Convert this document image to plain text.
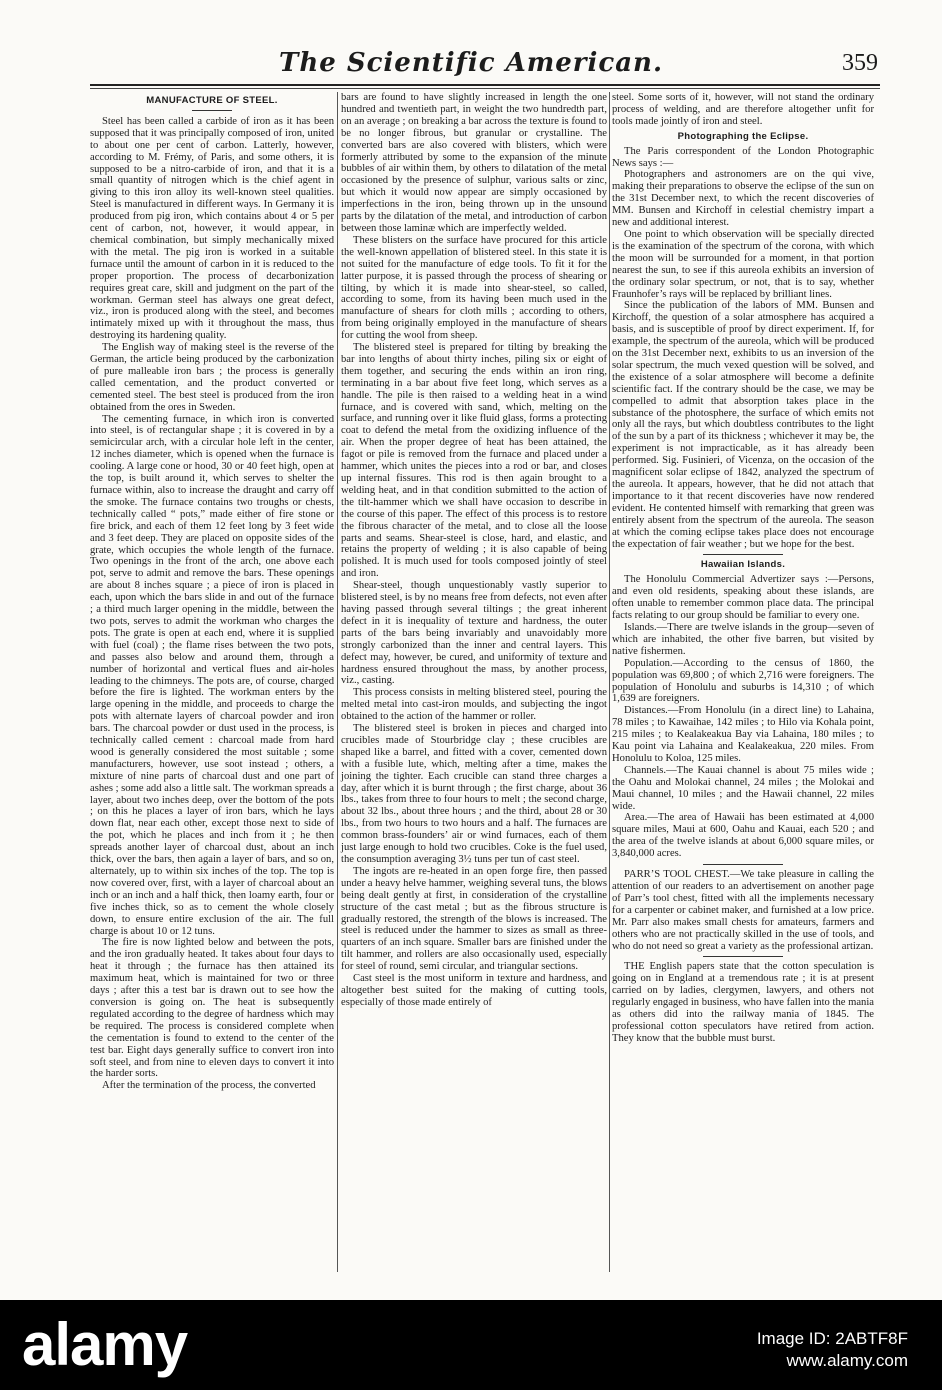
The Scientific American.	359
MANUFACTURE OF STEEL.

Steel has been called a carbide of iron as it has been supposed that it was principally composed of iron, united to about one per cent of carbon. Latterly, however, according to M. Frémy, of Paris, and some others, it is supposed to be a nitro-carbide of iron, and that it is a small quantity of nitrogen which is the chief agent in giving to this iron alloy its well-known steel qualities. Steel is manufactured in different ways. In Germany it is produced from pig iron, which contains about 4 or 5 per cent of carbon, not, however, it would appear, in chemical combination, but simply mechanically mixed with the metal. The pig iron is worked in a suitable furnace until the amount of carbon in it is reduced to the proper proportion. The process of decarbonization requires great care, skill and judgment on the part of the workman. German steel has always one great defect, viz., iron is produced along with the steel, and becomes intimately mixed up with it throughout the mass, thus destroying its hardening quality.

The English way of making steel is the reverse of the German, the article being produced by the carbonization of pure malleable iron bars ; the process is generally called cementation, and the product converted or cemented steel. The best steel is produced from the iron obtained from the ores in Sweden.

The cementing furnace, in which iron is converted into steel, is of rectangular shape ; it is covered in by a semicircular arch, with a circular hole left in the center, 12 inches diameter, which is opened when the furnace is cooling. A large cone or hood, 30 or 40 feet high, open at the top, is built around it, which serves to shelter the furnace within, also to increase the draught and carry off the smoke. The furnace contains two troughs or chests, technically called “ pots,” made either of fire stone or fire brick, and each of them 12 feet long by 3 feet wide and 3 feet deep. They are placed on opposite sides of the grate, which occupies the whole length of the furnace. Two openings in the front of the arch, one above each pot, serve to admit and remove the bars. These openings are about 8 inches square ; a piece of iron is placed in each, upon which the bars slide in and out of the furnace ; a third much larger opening in the middle, between the two pots, serves to admit the workman who charges the pots. The grate is open at each end, where it is supplied with fuel (coal) ; the flame rises between the two pots, and passes also below and around them, through a number of horizontal and vertical flues and air-holes leading to the chimneys. The pots are, of course, charged before the fire is lighted. The workman enters by the large opening in the middle, and proceeds to charge the pots with alternate layers of charcoal powder and iron bars. The charcoal powder or dust used in the process, is technically called cement : charcoal made from hard wood is generally considered the most suitable ; some manufacturers, however, use soot instead ; others, a mixture of nine parts of charcoal dust and one part of ashes ; some add also a little salt. The workman spreads a layer, about two inches deep, over the bottom of the pots ; on this he places a layer of iron bars, which he lays down flat, near each other, except those next to side of the pot, which he places and inch from it ; he then spreads another layer of charcoal dust, about an inch thick, over the bars, then again a layer of bars, and so on, alternately, up to within six inches of the top. The top is now covered over, first, with a layer of charcoal about an inch or an inch and a half thick, then loamy earth, four or five inches thick, so as to cement the whole closely down, to ensure entire exclusion of the air. The full charge is about 10 or 12 tuns.

The fire is now lighted below and between the pots, and the iron gradually heated. It takes about four days to heat it through ; the furnace has then attained its maximum heat, which is maintained for two or three days ; after this a test bar is drawn out to see how the conversion is going on. The heat is subsequently regulated according to the degree of hardness which may be required. The process is considered complete when the cementation is found to extend to the center of the test bar. Eight days generally suffice to convert iron into soft steel, and from nine to eleven days to convert it into the harder sorts.

After the termination of the process, the converted

bars are found to have slightly increased in length the one hundred and twentieth part, in weight the two hundredth part, on an average ; on breaking a bar across the texture is found to be no longer fibrous, but granular or crystalline. The converted bars are also covered with blisters, which were formerly attributed by some to the expansion of the minute bubbles of air within them, by others to dilatation of the metal occasioned by the presence of sulphur, various salts or zinc, but which it would now appear are simply occasioned by imperfections in the iron, being thrown up in the unsound parts by the dilatation of the metal, and introduction of carbon between those laminæ which are imperfectly welded.

These blisters on the surface have procured for this article the well-known appellation of blistered steel. In this state it is not suited for the manufacture of edge tools. To fit it for the latter purpose, it is passed through the process of shearing or tilting, by which it is made into shear-steel, so called, according to some, from its having been much used in the manufacture of shears for cloth mills ; according to others, from being originally employed in the manufacture of shears for cutting the wool from sheep.

The blistered steel is prepared for tilting by breaking the bar into lengths of about thirty inches, piling six or eight of them together, and securing the ends within an iron ring, terminating in a bar about five feet long, which serves as a handle. The pile is then raised to a welding heat in a wind furnace, and is covered with sand, which, melting on the surface, and running over it like fluid glass, forms a protecting coat to defend the metal from the oxidizing influence of the air. When the proper degree of heat has been attained, the fagot or pile is removed from the furnace and placed under a hammer, which unites the pieces into a rod or bar, and closes up internal fissures. This rod is then again brought to a welding heat, and in that condition submitted to the action of the tilt-hammer which we shall have occasion to describe in the course of this paper. The effect of this process is to restore the fibrous character of the metal, and to close all the loose parts and seams. Shear-steel is close, hard, and elastic, and retains the property of welding ; it is also capable of being polished. It is much used for tools composed jointly of steel and iron.

Shear-steel, though unquestionably vastly superior to blistered steel, is by no means free from defects, not even after having passed through several tiltings ; the great inherent defect in it is inequality of texture and hardness, the outer parts of the bars being invariably and unavoidably more strongly carbonized than the inner and central layers. This defect may, however, be cured, and uniformity of texture and hardness ensured throughout the mass, by another process, viz., casting.

This process consists in melting blistered steel, pouring the melted metal into cast-iron moulds, and subjecting the ingot obtained to the action of the hammer or roller.

The blistered steel is broken in pieces and charged into crucibles made of Stourbridge clay ; these crucibles are shaped like a barrel, and fitted with a cover, cemented down with a fusible lute, which, melting after a time, makes the joining the tighter. Each crucible can stand three charges a day, after which it is burnt through ; the first charge, about 36 lbs., takes from three to four hours to melt ; the second charge, about 32 lbs., about three hours ; and the third, about 28 or 30 lbs., from two hours to two hours and a half. The furnaces are common brass-founders’ air or wind furnaces, each of them just large enough to hold two crucibles. Coke is the fuel used, the consumption averaging 3½ tuns per tun of cast steel.

The ingots are re-heated in an open forge fire, then passed under a heavy helve hammer, weighing several tuns, the blows being dealt gently at first, in consideration of the crystalline structure of the cast metal ; but as the fibrous structure is gradually restored, the strength of the blows is increased. The steel is reduced under the hammer to sizes as small as three-quarters of an inch square. Smaller bars are finished under the tilt hammer, and rollers are also occasionally used, especially for steel of round, semi circular, and triangular sections.

Cast steel is the most uniform in texture and hardness, and altogether best suited for the making of cutting tools, especially of those made entirely of

steel. Some sorts of it, however, will not stand the ordinary process of welding, and are therefore altogether unfit for tools made jointly of iron and steel.

Photographing the Eclipse.

The Paris correspondent of the London Photographic News says :—

Photographers and astronomers are on the qui vive, making their preparations to observe the eclipse of the sun on the 31st December next, to which the recent discoveries of MM. Bunsen and Kirchoff in celestial chemistry impart a new and additional interest.

One point to which observation will be specially directed is the examination of the spectrum of the corona, with which the moon will be surrounded for a moment, in that portion nearest the sun, to see if this aureola exhibits an inversion of the ordinary solar spectrum, or not, that is to say, whether Fraunhofer’s rays will be replaced by brilliant lines.

Since the publication of the labors of MM. Bunsen and Kirchoff, the question of a solar atmosphere has acquired a basis, and is susceptible of proof by direct experiment. If, for example, the spectrum of the aureola, which will be produced on the 31st December next, exhibits to us an inversion of the solar spectrum, the much vexed question will be solved, and the existence of a solar atmosphere will become a definite scientific fact. If the contrary should be the case, we may be compelled to admit that absorption takes place in the substance of the photosphere, the surface of which emits not only all the rays, but which doubtless contributes to the light of the sun by a part of its thickness ; whichever it may be, the experiment is not impracticable, as it has already been performed. Sig. Fusinieri, of Vicenza, on the occasion of the magnificent solar eclipse of 1842, analyzed the spectrum of the aureola. It appears, however, that he did not attach that importance to it that recent discoveries have now rendered evident. He contented himself with remarking that green was entirely absent from the spectrum of the aureola. The season at which the coming eclipse takes place does not encourage the expectation of fair weather ; but we hope for the best.

Hawaiian Islands.

The Honolulu Commercial Advertizer says :—Persons, and even old residents, speaking about these islands, are often unable to remember common place data. The principal facts relating to our group should be familiar to every one.

Islands.—There are twelve islands in the group—seven of which are inhabited, the other five barren, but visited by native fishermen.

Population.—According to the census of 1860, the population was 69,800 ; of which 2,716 were foreigners. The population of Honolulu and suburbs is 14,310 ; of which 1,639 are foreigners.

Distances.—From Honolulu (in a direct line) to Lahaina, 78 miles ; to Kawaihae, 142 miles ; to Hilo via Kohala point, 215 miles ; to Kealakeakua Bay via Lahaina, 180 miles ; to Kau point via Lahaina and Kealakeakua, 220 miles. From Honolulu to Koloa, 125 miles.

Channels.—The Kauai channel is about 75 miles wide ; the Oahu and Molokai channel, 24 miles ; the Molokai and Maui channel, 10 miles ; and the Hawaii channel, 22 miles wide.

Area.—The area of Hawaii has been estimated at 4,000 square miles, Maui at 600, Oahu and Kauai, each 520 ; and the area of the twelve islands at about 6,000 square miles, or 3,840,000 acres.

PARR’S TOOL CHEST.—We take pleasure in calling the attention of our readers to an advertisement on another page of Parr’s tool chest, fitted with all the implements necessary for a carpenter or cabinet maker, and furnished at a low price. Mr. Parr also makes small chests for amateurs, farmers and others who are not practically skilled in the use of tools, and who do not need so great a variety as the professional artizan.

THE English papers state that the cotton speculation is going on in England at a tremendous rate ; it is at present carried on by ladies, clergymen, lawyers, and others not regularly engaged in business, who have fallen into the mania as others did into the railway mania of 1845. The professional cotton speculators have retired from action. They know that the bubble must burst.

alamy	Image ID: 2ABTF8F
www.alamy.com
